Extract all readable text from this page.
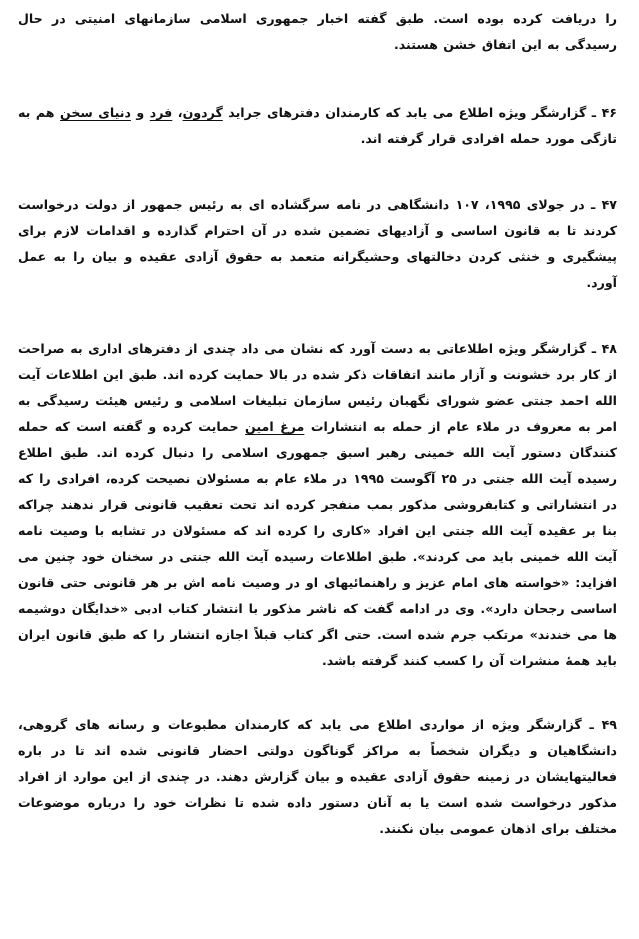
را دریافت کرده بوده است. طبق گفته اخبار جمهوری اسلامی سازمانهای امنیتی در حال رسیدگی به این اتفاق خشن هستند.

۴۶ ـ گزارشگر ویژه اطلاع می یابد که کارمندان دفترهای جراید گردون، فرد و دنیای سخن هم به تازگی مورد حمله افرادی قرار گرفته اند.

۴۷ ـ در جولای ۱۹۹۵، ۱۰۷ دانشگاهی در نامه سرگشاده ای به رئیس جمهور از دولت درخواست کردند تا به قانون اساسی و آزادیهای تضمین شده در آن احترام گذارده و اقدامات لازم برای پیشگیری و خنثی کردن دخالتهای وحشیگرانه متعمد به حقوق آزادی عقیده و بیان را به عمل آورد.

۴۸ ـ گزارشگر ویژه اطلاعاتی به دست آورد که نشان می داد چندی از دفترهای اداری به صراحت از کار برد خشونت و آزار مانند اتفاقات ذکر شده در بالا حمایت کرده اند. طبق این اطلاعات آیت الله احمد جنتی عضو شورای نگهبان رئیس سازمان تبلیغات اسلامی و رئیس هیئت رسیدگی به امر به معروف در ملاء عام از حمله به انتشارات مرغ امین حمایت کرده و گفته است که حمله کنندگان دستور آیت الله خمینی رهبر اسبق جمهوری اسلامی را دنبال کرده اند. طبق اطلاع رسیده آیت الله جنتی در ۲۵ آگوست ۱۹۹۵ در ملاء عام به مسئولان نصیحت کرده، افرادی را که در انتشاراتی و کتابفروشی مذکور بمب منفجر کرده اند تحت تعقیب قانونی قرار ندهند چراکه بنا بر عقیده آیت الله جنتی این افراد «کاری را کرده اند که مسئولان در تشابه با وصیت نامه آیت الله خمینی باید می کردند». طبق اطلاعات رسیده آیت الله جنتی در سخنان خود چنین می افزاید: «خواسته های امام عزیز و راهنمائیهای او در وصیت نامه اش بر هر قانونی حتی قانون اساسی رجحان دارد». وی در ادامه گفت که ناشر مذکور با انتشار کتاب ادبی «خدایگان دوشیمه ها می خندند» مرتکب جرم شده است. حتی اگر کتاب قبلاً اجازه انتشار را که طبق قانون ایران باید همهٔ منشرات آن را کسب کنند گرفته باشد.

۴۹ ـ گزارشگر ویژه از مواردی اطلاع می یابد که کارمندان مطبوعات و رسانه های گروهی، دانشگاهیان و دیگران شخصاً به مراکز گوناگون دولتی احضار قانونی شده اند تا در باره فعالیتهایشان در زمینه حقوق آزادی عقیده و بیان گزارش دهند. در چندی از این موارد از افراد مذکور درخواست شده است یا به آنان دستور داده شده تا نظرات خود را درباره موضوعات مختلف برای اذهان عمومی بیان نکنند.
